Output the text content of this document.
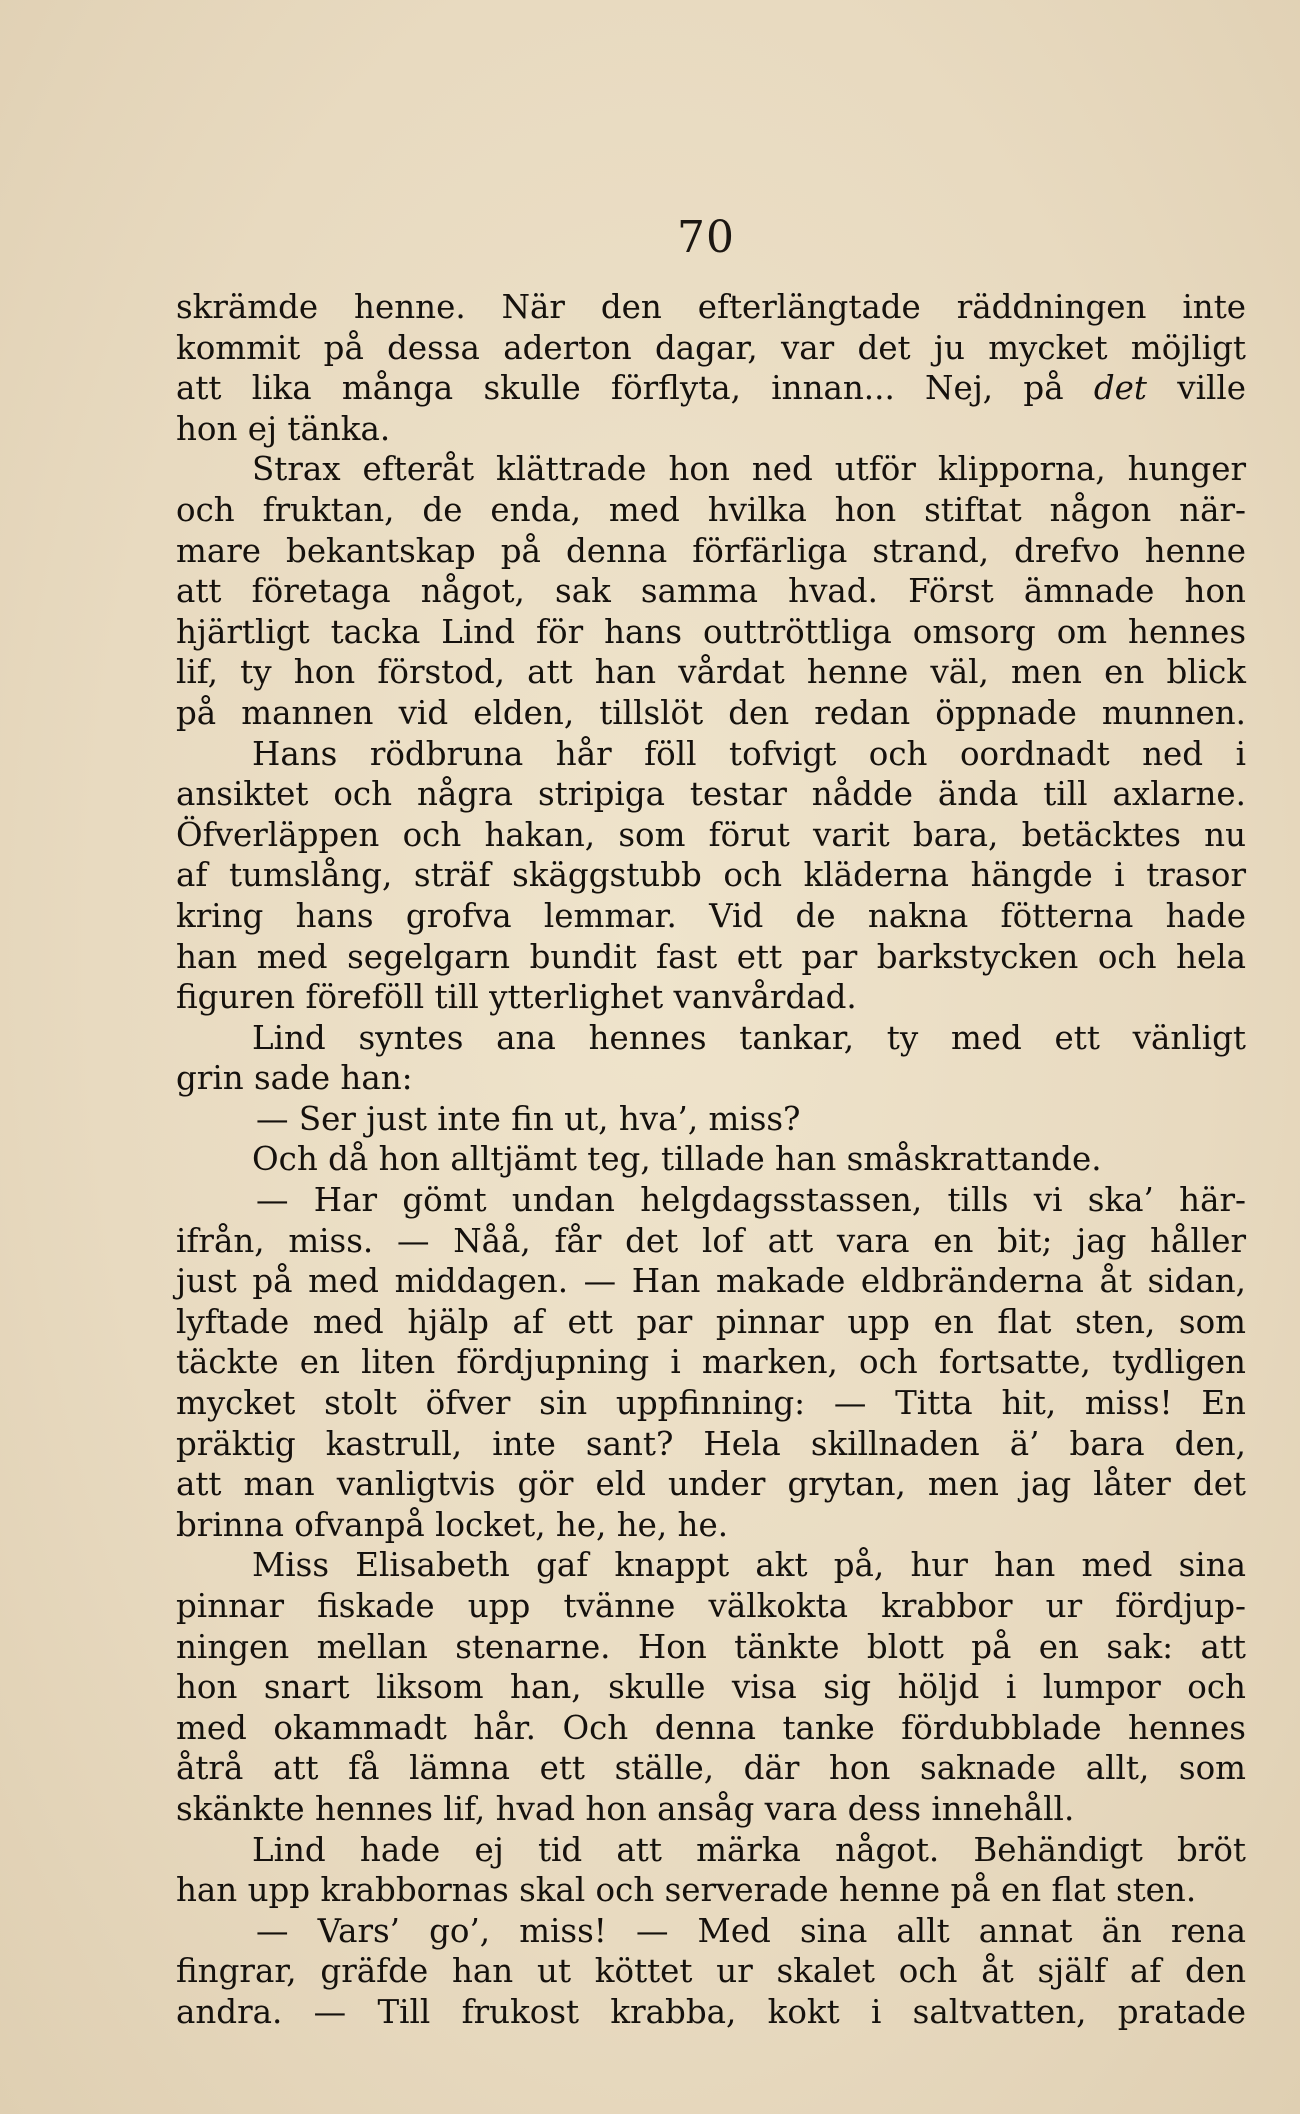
70
skrämde henne. När den efterlängtade räddningen inte
kommit på dessa aderton dagar, var det ju mycket möjligt
att lika många skulle förflyta, innan... Nej, på det ville
hon ej tänka.
Strax efteråt klättrade hon ned utför klipporna, hunger
och fruktan, de enda, med hvilka hon stiftat någon när-
mare bekantskap på denna förfärliga strand, drefvo henne
att företaga något, sak samma hvad. Först ämnade hon
hjärtligt tacka Lind för hans outtröttliga omsorg om hennes
lif, ty hon förstod, att han vårdat henne väl, men en blick
på mannen vid elden, tillslöt den redan öppnade munnen.
Hans rödbruna hår föll tofvigt och oordnadt ned i
ansiktet och några stripiga testar nådde ända till axlarne.
Öfverläppen och hakan, som förut varit bara, betäcktes nu
af tumslång, sträf skäggstubb och kläderna hängde i trasor
kring hans grofva lemmar. Vid de nakna fötterna hade
han med segelgarn bundit fast ett par barkstycken och hela
figuren föreföll till ytterlighet vanvårdad.
Lind syntes ana hennes tankar, ty med ett vänligt
grin sade han:
— Ser just inte fin ut, hva’, miss?
Och då hon alltjämt teg, tillade han småskrattande.
— Har gömt undan helgdagsstassen, tills vi ska’ här-
ifrån, miss. — Nåå, får det lof att vara en bit; jag håller
just på med middagen. — Han makade eldbränderna åt sidan,
lyftade med hjälp af ett par pinnar upp en flat sten, som
täckte en liten fördjupning i marken, och fortsatte, tydligen
mycket stolt öfver sin uppfinning: — Titta hit, miss! En
präktig kastrull, inte sant? Hela skillnaden ä’ bara den,
att man vanligtvis gör eld under grytan, men jag låter det
brinna ofvanpå locket, he, he, he.
Miss Elisabeth gaf knappt akt på, hur han med sina
pinnar fiskade upp tvänne välkokta krabbor ur fördjup-
ningen mellan stenarne. Hon tänkte blott på en sak: att
hon snart liksom han, skulle visa sig höljd i lumpor och
med okammadt hår. Och denna tanke fördubblade hennes
åtrå att få lämna ett ställe, där hon saknade allt, som
skänkte hennes lif, hvad hon ansåg vara dess innehåll.
Lind hade ej tid att märka något. Behändigt bröt
han upp krabbornas skal och serverade henne på en flat sten.
— Vars’ go’, miss! — Med sina allt annat än rena
fingrar, gräfde han ut köttet ur skalet och åt själf af den
andra. — Till frukost krabba, kokt i saltvatten, pratade
